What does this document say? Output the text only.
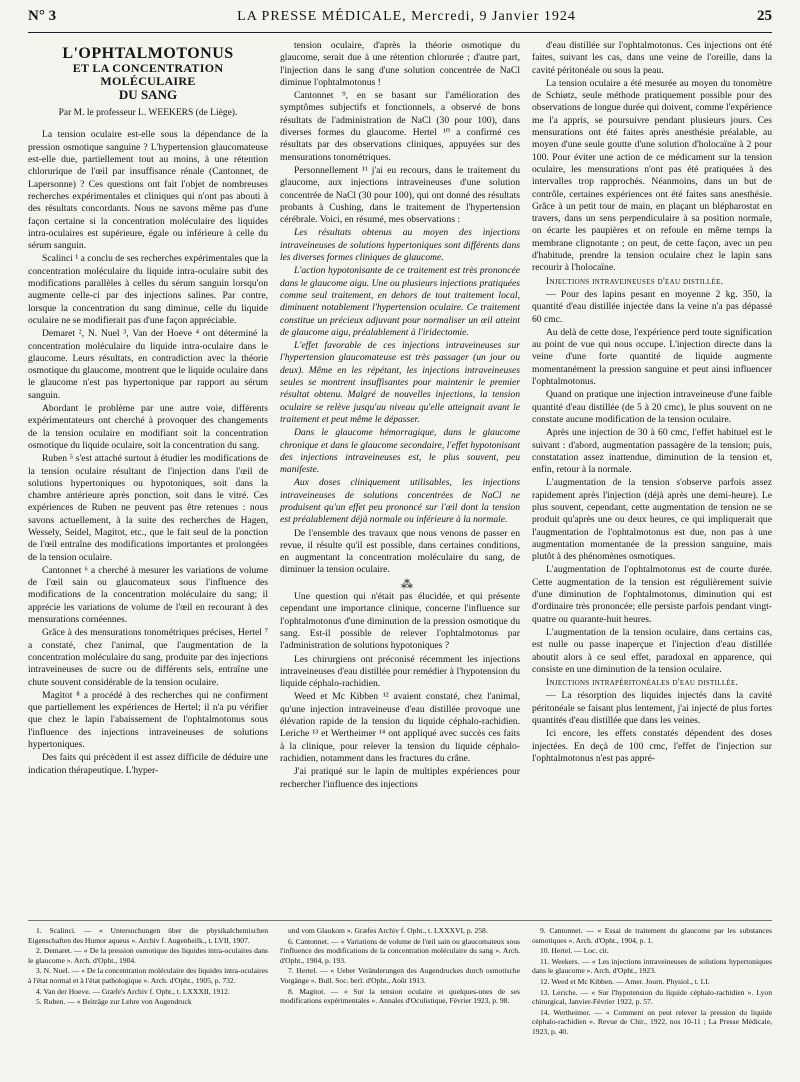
N° 3	LA PRESSE MÉDICALE, Mercredi, 9 Janvier 1924	25
L'OPHTALMOTONUS
ET LA CONCENTRATION MOLÉCULAIRE
DU SANG
Par M. le professeur L. WEEKERS (de Liège).

La tension oculaire est-elle sous la dépendance de la pression osmotique sanguine ? L'hypertension glaucomateuse est-elle due, partiellement tout au moins, à une rétention chlorurique de l'œil par insuffisance rénale (Cantonnet, de Lapersonne) ? Ces questions ont fait l'objet de nombreuses recherches expérimentales et cliniques qui n'ont pas abouti à des résultats concordants. Nous ne savons même pas d'une façon certaine si la concentration moléculaire des liquides intra-oculaires est supérieure, égale ou inférieure à celle du sérum sanguin.

Scalinci ¹ a conclu de ses recherches expérimentales que la concentration moléculaire du liquide intra-oculaire subit des modifications parallèles à celles du sérum sanguin lorsqu'on augmente celle-ci par des injections salines. Par contre, lorsque la concentration du sang diminue, celle du liquide oculaire ne se modifierait pas d'une façon appréciable.

Demaret ², N. Nuel ³, Van der Hoeve ⁴ ont déterminé la concentration moléculaire du liquide intra-oculaire dans le glaucome. Leurs résultats, en contradiction avec la théorie osmotique du glaucome, montrent que le liquide oculaire dans le glaucome n'est pas hypertonique par rapport au sérum sanguin.

Abordant le problème par une autre voie, différents expérimentateurs ont cherché à provoquer des changements de la tension oculaire en modifiant soit la concentration osmotique du liquide oculaire, soit la concentration du sang.

Ruben ⁵ s'est attaché surtout à étudier les modifications de la tension oculaire résultant de l'injection dans l'œil de solutions hypertoniques ou hypotoniques, soit dans la chambre antérieure après ponction, soit dans le vitré. Ces expériences de Ruben ne peuvent pas être retenues : nous savons actuellement, à la suite des recherches de Hagen, Wessely, Seidel, Magitot, etc., que le fait seul de la ponction de l'œil entraîne des modifications importantes et prolongées de la tension oculaire.

Cantonnet ⁶ a cherché à mesurer les variations de volume de l'œil sain ou glaucomateux sous l'influence des modifications de la concentration moléculaire du sang; il apprécie les variations de volume de l'œil en recourant à des mensurations cornéennes.

Grâce à des mensurations tonométriques précises, Hertel ⁷ a constaté, chez l'animal, que l'augmentation de la concentration moléculaire du sang, produite par des injections intraveineuses de sucre ou de différents sels, entraîne une chute souvent considérable de la tension oculaire.

Magitot ⁸ a procédé à des recherches qui ne confirment que partiellement les expériences de Hertel; il n'a pu vérifier que chez le lapin l'abaissement de l'ophtalmotonus sous l'influence des injections intraveineuses de solutions hypertoniques.

Des faits qui précèdent il est assez difficile de déduire une indication thérapeutique. L'hyper-

tension oculaire, d'après la théorie osmotique du glaucome, serait due à une rétention chlorurée ; d'autre part, l'injection dans le sang d'une solution concentrée de NaCl diminue l'ophtalmotonus !

Cantonnet ⁹, en se basant sur l'amélioration des symptômes subjectifs et fonctionnels, a observé de bons résultats de l'administration de NaCl (30 pour 100), dans diverses formes du glaucome. Hertel ¹⁰ a confirmé ces résultats par des observations cliniques, appuyées sur des mensurations tonométriques.

Personnellement ¹¹ j'ai eu recours, dans le traitement du glaucome, aux injections intraveineuses d'une solution concentrée de NaCl (30 pour 100), qui ont donné des résultats probants à Cushing, dans le traitement de l'hypertension cérébrale. Voici, en résumé, mes observations :

Les résultats obtenus au moyen des injections intraveineuses de solutions hypertoniques sont différents dans les diverses formes cliniques de glaucome.

L'action hypotonisante de ce traitement est très prononcée dans le glaucome aigu. Une ou plusieurs injections pratiquées comme seul traitement, en dehors de tout traitement local, diminuent notablement l'hypertension oculaire. Ce traitement constitue un précieux adjuvant pour normaliser un œil atteint de glaucome aigu, préalablement à l'iridectomie.

L'effet favorable de ces injections intraveineuses sur l'hypertension glaucomateuse est très passager (un jour ou deux). Même en les répétant, les injections intraveineuses seules se montrent insuffisantes pour maintenir le premier résultat obtenu. Malgré de nouvelles injections, la tension oculaire se relève jusqu'au niveau qu'elle atteignait avant le traitement et peut même le dépasser.

Dans le glaucome hémorragique, dans le glaucome chronique et dans le glaucome secondaire, l'effet hypotonisant des injections intraveineuses est, le plus souvent, peu manifeste.

Aux doses cliniquement utilisables, les injections intraveineuses de solutions concentrées de NaCl ne produisent qu'un effet peu prononcé sur l'œil dont la tension est préalablement déjà normale ou inférieure à la normale.

De l'ensemble des travaux que nous venons de passer en revue, il résulte qu'il est possible, dans certaines conditions, en augmentant la concentration moléculaire du sang, de diminuer la tension oculaire.

⁂

Une question qui n'était pas élucidée, et qui présente cependant une importance clinique, concerne l'influence sur l'ophtalmotonus d'une diminution de la pression osmotique du sang. Est-il possible de relever l'ophtalmotonus par l'administration de solutions hypotoniques ?

Les chirurgiens ont préconisé récemment les injections intraveineuses d'eau distillée pour remédier à l'hypotension du liquide céphalo-rachidien.

Weed et Mc Kibben ¹² avaient constaté, chez l'animal, qu'une injection intraveineuse d'eau distillée provoque une élévation rapide de la tension du liquide céphalo-rachidien. Leriche ¹³ et Wertheimer ¹⁴ ont appliqué avec succès ces faits à la clinique, pour relever la tension du liquide céphalo-rachidien, notamment dans les fractures du crâne.

J'ai pratiqué sur le lapin de multiples expériences pour rechercher l'influence des injections

d'eau distillée sur l'ophtalmotonus. Ces injections ont été faites, suivant les cas, dans une veine de l'oreille, dans la cavité péritonéale ou sous la peau.

La tension oculaire a été mesurée au moyen du tonomètre de Schiøtz, seule méthode pratiquement possible pour des observations de longue durée qui doivent, comme l'expérience me l'a appris, se poursuivre pendant plusieurs jours. Ces mensurations ont été faites après anesthésie préalable, au moyen d'une seule goutte d'une solution d'holocaïne à 2 pour 100. Pour éviter une action de ce médicament sur la tension oculaire, les mensurations n'ont pas été pratiquées à des intervalles trop rapprochés. Néanmoins, dans un but de contrôle, certaines expériences ont été faites sans anesthésie. Grâce à un petit tour de main, en plaçant un blépharostat en travers, dans un sens perpendiculaire à sa position normale, on écarte les paupières et on refoule en même temps la membrane clignotante ; on peut, de cette façon, avec un peu d'habitude, prendre la tension oculaire chez le lapin sans recourir à l'holocaïne.

Injections intraveineuses d'eau distillée.

— Pour des lapins pesant en moyenne 2 kg. 350, la quantité d'eau distillée injectée dans la veine n'a pas dépassé 60 cmc.

Au delà de cette dose, l'expérience perd toute signification au point de vue qui nous occupe. L'injection directe dans la veine d'une forte quantité de liquide augmente momentanément la pression sanguine et peut ainsi influencer l'ophtalmotonus.

Quand on pratique une injection intraveineuse d'une faible quantité d'eau distillée (de 5 à 20 cmc), le plus souvent on ne constate aucune modification de la tension oculaire.

Après une injection de 30 à 60 cmc, l'effet habituel est le suivant : d'abord, augmentation passagère de la tension; puis, constatation assez inattendue, diminution de la tension et, enfin, retour à la normale.

L'augmentation de la tension s'observe parfois assez rapidement après l'injection (déjà après une demi-heure). Le plus souvent, cependant, cette augmentation de tension ne se produit qu'après une ou deux heures, ce qui impliquerait que l'augmentation de l'ophtalmotonus est due, non pas à une augmentation momentanée de la pression sanguine, mais plutôt à des phénomènes osmotiques.

L'augmentation de l'ophtalmotonus est de courte durée. Cette augmentation de la tension est régulièrement suivie d'une diminution de l'ophtalmotonus, diminution qui est d'ordinaire très prononcée; elle persiste parfois pendant vingt-quatre ou quarante-huit heures.

L'augmentation de la tension oculaire, dans certains cas, est nulle ou passe inaperçue et l'injection d'eau distillée aboutit alors à ce seul effet, paradoxal en apparence, qui consiste en une diminution de la tension oculaire.

Injections intrapéritonéales d'eau distillée.

— La résorption des liquides injectés dans la cavité péritonéale se faisant plus lentement, j'ai injecté de plus fortes quantités d'eau distillée que dans les veines.

Ici encore, les effets constatés dépendent des doses injectées. En deçà de 100 cmc, l'effet de l'injection sur l'ophtalmotonus n'est pas appré-

1. Scalinci. — « Untersuchungen über die physikalchemischen Eigenschaften des Humor aqueus ». Archiv f. Augenheilk., t. LVII, 1907.
2. Demaret. — « De la pression osmotique des liquides intra-oculaires dans le glaucome ». Arch. d'Opht., 1904.
3. N. Nuel. — « De la concentration moléculaire des liquides intra-oculaires à l'état normal et à l'état pathologique ». Arch. d'Opht., 1905, p. 732.
4. Van der Hoeve. — Græfe's Archiv f. Opht., t. LXXXII, 1912.
5. Ruben. — « Beiträge zur Lehre von Augendruck
und vom Glaukom ». Græfes Archiv f. Opht., t. LXXXVI, p. 258.
6. Cantonnet. — « Variations de volume de l'œil sain ou glaucomateux sous l'influence des modifications de la concentration moléculaire du sang ». Arch. d'Opht., 1904, p. 193.
7. Hertel. — « Ueber Veränderungen des Augendruckes durch osmotische Vorgänge ». Bull. Soc. berl. d'Opht., Août 1913.
8. Magitot. — « Sur la tension oculaire et quelques-unes de ses modifications expérimentales ». Annales d'Oculistique, Février 1923, p. 98.
9. Cantonnet. — « Essai de traitement du glaucome par les substances osmotiques ». Arch. d'Opht., 1904, p. 1.
10. Hertel. — Loc. cit.
11. Weekers. — « Les injections intraveineuses de solutions hypertoniques dans le glaucome ». Arch. d'Opht., 1923.
12. Weed et Mc Kibben. — Amer. Journ. Physiol., t. LI.
13. Leriche. — « Sur l'hypotension du liquide céphalo-rachidien ». Lyon chirurgical, Janvier-Février 1922, p. 57.
14. Wertheimer. — « Comment on peut relever la pression du liquide céphalo-rachidien ». Revue de Chir., 1922, nos 10-11 ; La Presse Médicale, 1923, p. 40.
